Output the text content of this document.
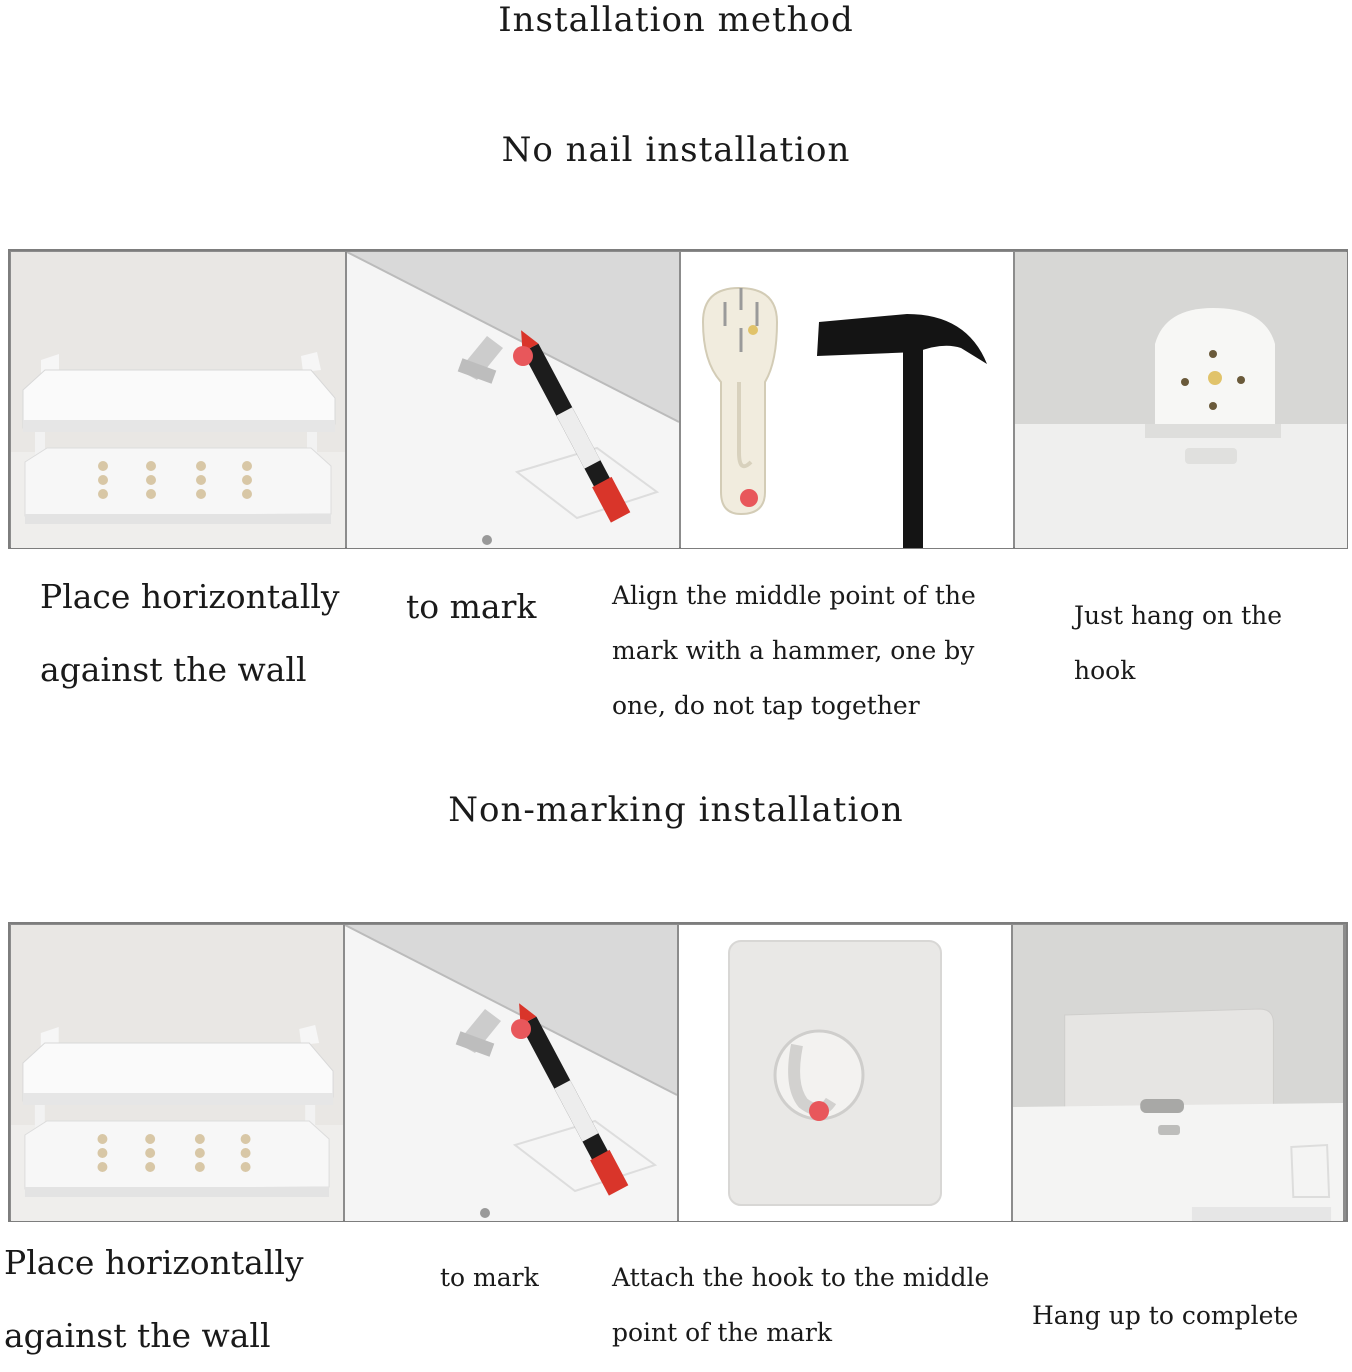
Installation method
No nail installation
Place horizontally against the wall
to mark	Align the middle point of the mark with a hammer, one by one, do not tap together
Just hang on the hook
Non-marking installation
Place horizontally against the wall
to mark	Attach the hook to the middle point of the mark
Hang up to complete
